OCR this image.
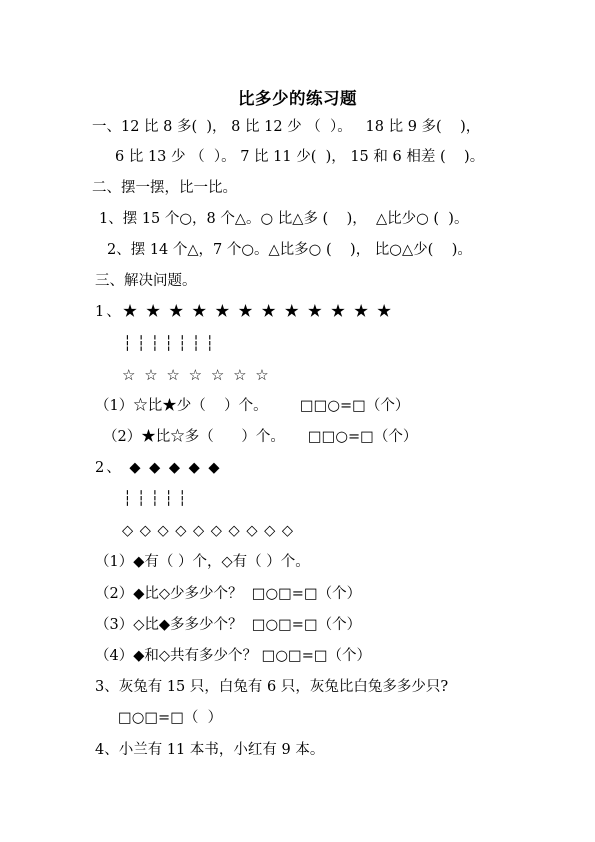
比多少的练习题
一、12 比 8 多(  )， 8 比 12 少 （  ）。   18 比 9 多(    )，
6 比 13 少 （  ）。 7 比 11 少(  )， 15 和 6 相差 (    )。
二、摆一摆，比一比。
1、摆 15 个○，8 个△。○ 比△多 (    )，  △比少○ (  )。
2、摆 14 个△，7 个○。△比多○ (    )， 比○△少(    )。
三、解决问题。
1、★ ★ ★ ★ ★ ★ ★ ★ ★ ★ ★ ★
┆┆┆┆┆┆┆
☆ ☆ ☆ ☆ ☆ ☆ ☆
（1）☆比★少（    ）个。       □□○=□（个）
（2）★比☆多（      ）个。     □□○=□（个）
2、 ◆ ◆ ◆ ◆ ◆
┆┆┆┆┆
◇ ◇ ◇ ◇ ◇ ◇ ◇ ◇ ◇ ◇
（1）◆有（ ）个，◇有（ ）个。
（2）◆比◇少多少个？  □○□=□（个）
（3）◇比◆多多少个？  □○□=□（个）
（4）◆和◇共有多少个？ □○□=□（个）
3、灰兔有 15 只，白兔有 6 只，灰兔比白兔多多少只?
□○□=□（  ）
4、小兰有 11 本书，小红有 9 本。
